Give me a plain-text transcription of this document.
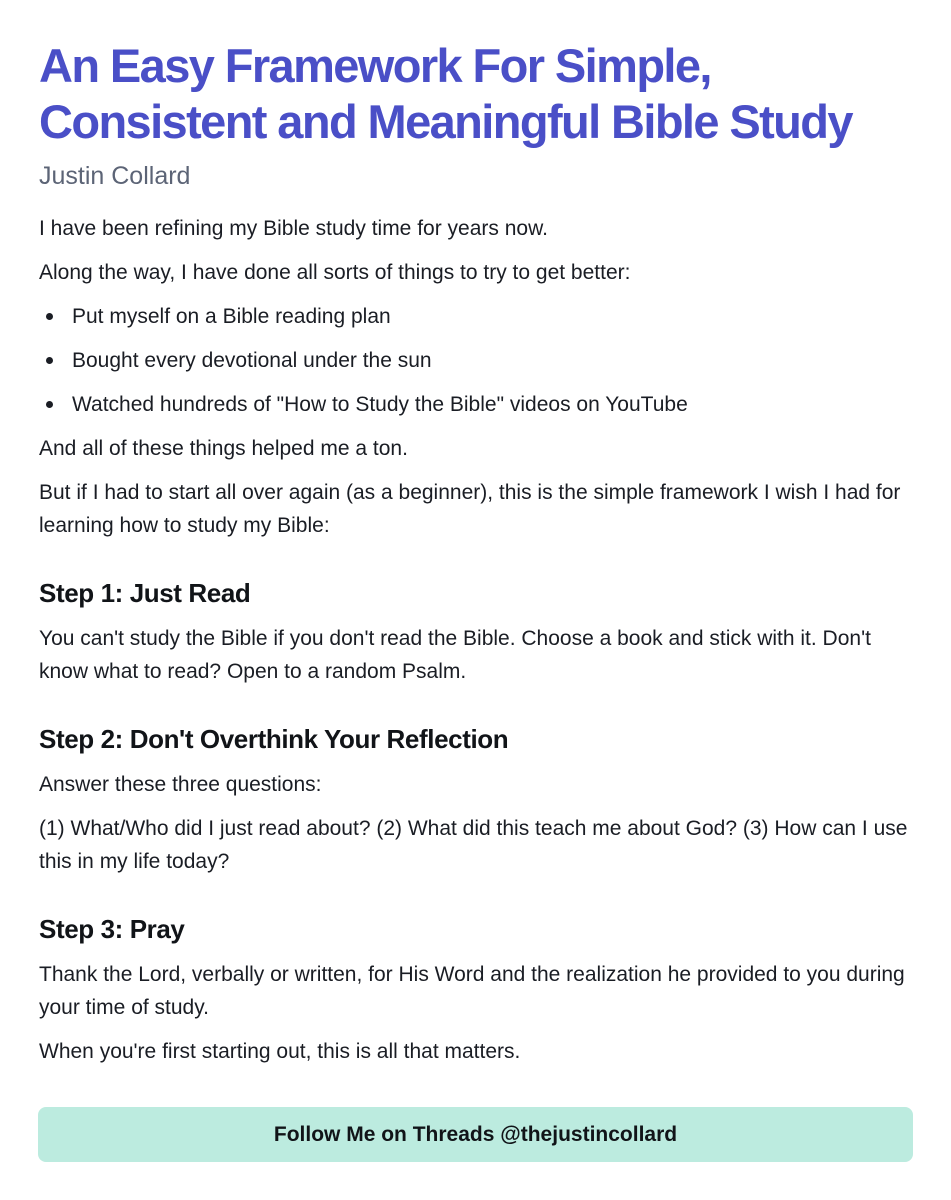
An Easy Framework For Simple, Consistent and Meaningful Bible Study
Justin Collard

I have been refining my Bible study time for years now.

Along the way, I have done all sorts of things to try to get better:

Put myself on a Bible reading plan
Bought every devotional under the sun
Watched hundreds of "How to Study the Bible" videos on YouTube

And all of these things helped me a ton.

But if I had to start all over again (as a beginner), this is the simple framework I wish I had for learning how to study my Bible:

Step 1: Just Read

You can't study the Bible if you don't read the Bible. Choose a book and stick with it. Don't know what to read? Open to a random Psalm.

Step 2: Don't Overthink Your Reflection

Answer these three questions:

(1) What/Who did I just read about? (2) What did this teach me about God? (3) How can I use this in my life today?

Step 3: Pray

Thank the Lord, verbally or written, for His Word and the realization he provided to you during your time of study.

When you're first starting out, this is all that matters.

Follow Me on Threads @thejustincollard
